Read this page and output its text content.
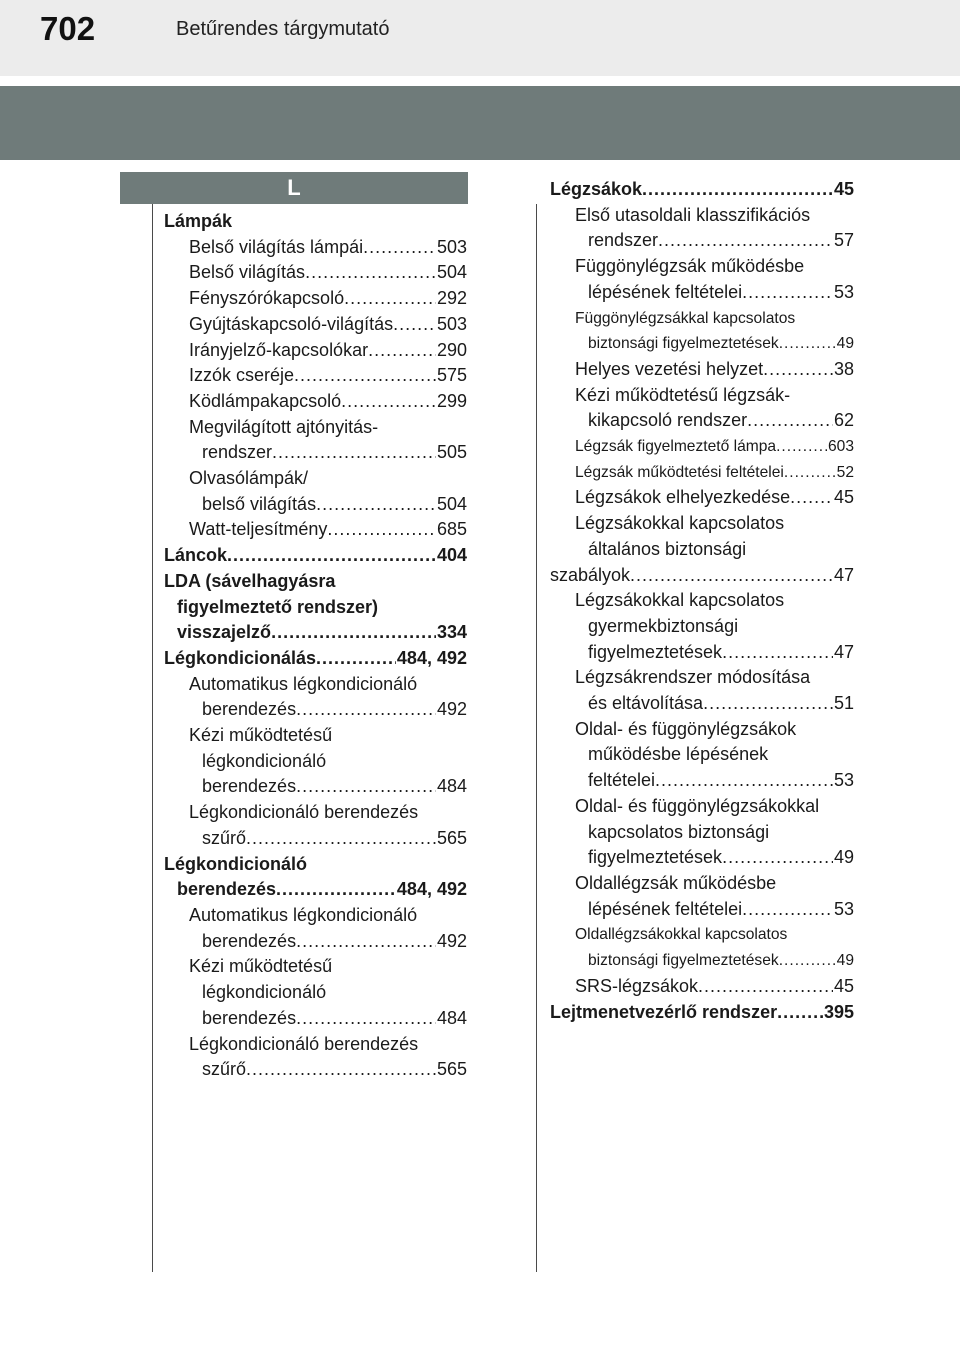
702	Betűrendes tárgymutató
L
Lámpák
Belső világítás lámpái .....	503
Belső világítás .....	504
Fényszórókapcsoló .....	292
Gyújtáskapcsoló-világítás ..... 503
Irányjelző-kapcsolókar .....	290
Izzók cseréje .....	575
Ködlámpakapcsoló .....	299
Megvilágított ajtónyitás-
rendszer .....	505
Olvasólámpák/
belső világítás .....	504
Watt-teljesítmény .....	685
Láncok .....	404
LDA (sávelhagyásra
figyelmeztető rendszer)
visszajelző .....	334
Légkondicionálás .....	484, 492
Automatikus légkondicionáló
berendezés .....	492
Kézi működtetésű
légkondicionáló
berendezés .....	484
Légkondicionáló berendezés
szűrő .....	565
Légkondicionáló
berendezés .....	484, 492
Automatikus légkondicionáló
berendezés .....	492
Kézi működtetésű
légkondicionáló
berendezés .....	484
Légkondicionáló berendezés
szűrő .....	565
Légzsákok .....	45
Első utasoldali klasszifikációs
rendszer .....	57
Függönylégzsák működésbe
lépésének feltételei .....	53
Függönylégzsákkal kapcsolatos
biztonsági figyelmeztetések .....	49
Helyes vezetési helyzet .....	38
Kézi működtetésű légzsák-
kikapcsoló rendszer .....	62
Légzsák figyelmeztető lámpa .....	603
Légzsák működtetési feltételei .....	52
Légzsákok elhelyezkedése ..... 45
Légzsákokkal kapcsolatos
általános biztonsági
szabályok .....	47
Légzsákokkal kapcsolatos
gyermekbiztonsági
figyelmeztetések .....	47
Légzsákrendszer módosítása
és eltávolítása .....	51
Oldal- és függönylégzsákok
működésbe lépésének
feltételei .....	53
Oldal- és függönylégzsákokkal
kapcsolatos biztonsági
figyelmeztetések .....	49
Oldallégzsák működésbe
lépésének feltételei .....	53
Oldallégzsákokkal kapcsolatos
biztonsági figyelmeztetések .....	49
SRS-légzsákok .....	45
Lejtmenetvezérlő rendszer .....	395
